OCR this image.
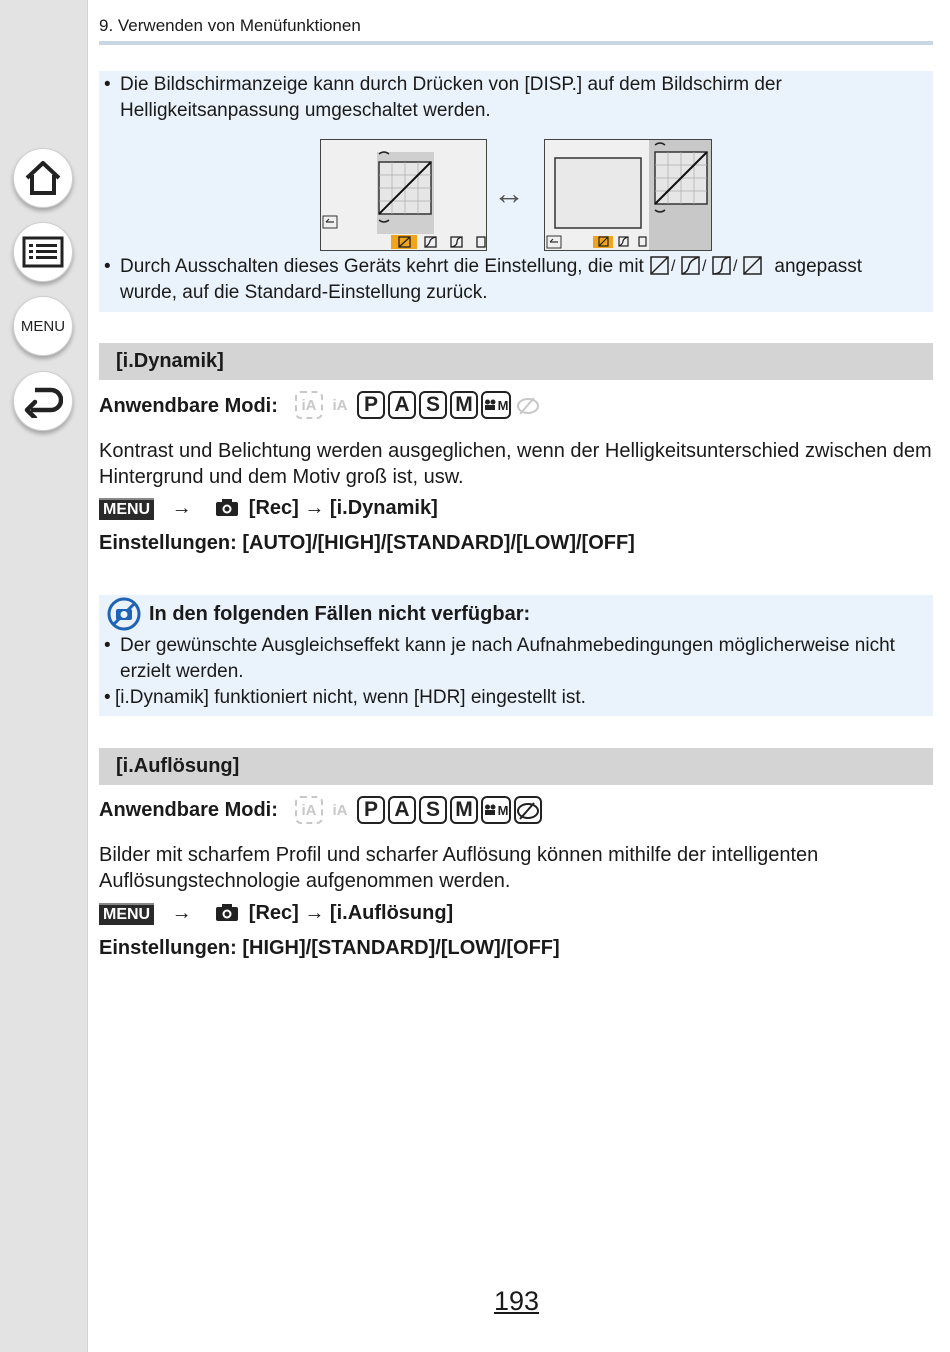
MENU
9. Verwenden von Menüfunktionen
• Die Bildschirmanzeige kann durch Drücken von [DISP.] auf dem Bildschirm der Helligkeitsanpassung umgeschaltet werden.
↔
• Durch Ausschalten dieses Geräts kehrt die Einstellung, die mit / / / angepasst
wurde, auf die Standard-Einstellung zurück.
[i.Dynamik]
Anwendbare Modi:	iA	iA P A S M	M
Kontrast und Belichtung werden ausgeglichen, wenn der Helligkeitsunterschied zwischen dem Hintergrund und dem Motiv groß ist, usw.
MENU →	[Rec] → [i.Dynamik]
Einstellungen: [AUTO]/[HIGH]/[STANDARD]/[LOW]/[OFF]
In den folgenden Fällen nicht verfügbar:
• Der gewünschte Ausgleichseffekt kann je nach Aufnahmebedingungen möglicherweise nicht erzielt werden.
• [i.Dynamik] funktioniert nicht, wenn [HDR] eingestellt ist.
[i.Auflösung]
Anwendbare Modi:	iA	iA P A S M	M
Bilder mit scharfem Profil und scharfer Auflösung können mithilfe der intelligenten Auflösungstechnologie aufgenommen werden.
MENU →	[Rec] → [i.Auflösung]
Einstellungen: [HIGH]/[STANDARD]/[LOW]/[OFF]
193
